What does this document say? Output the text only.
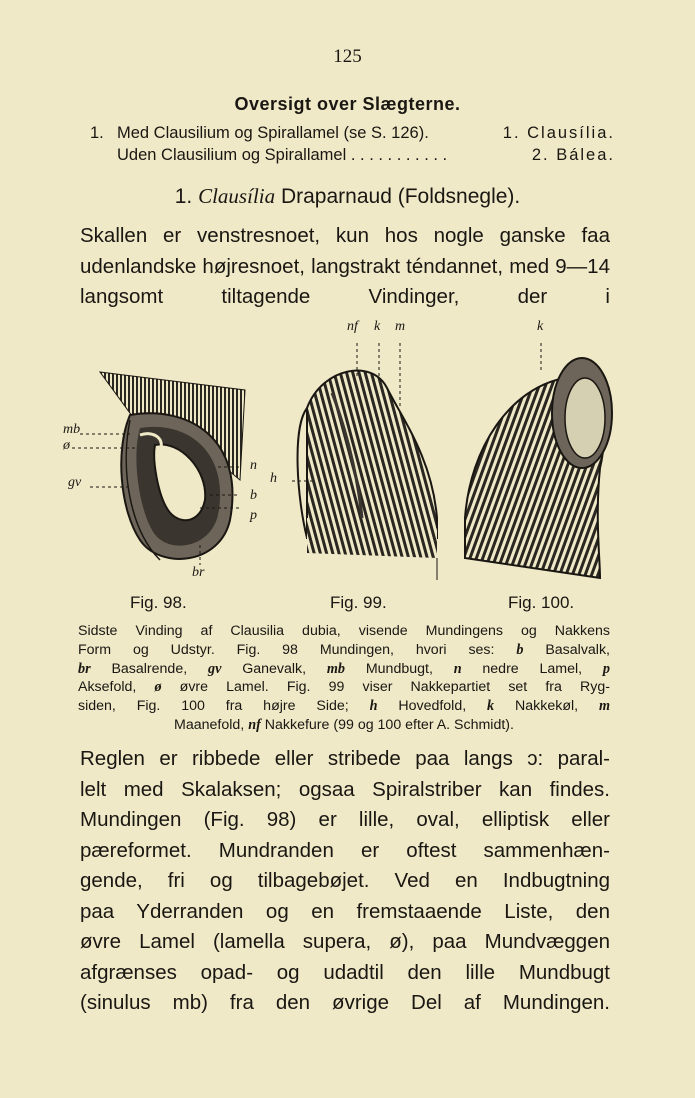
125
Oversigt over Slægterne.
1. Med Clausilium og Spirallamel (se S. 126).	1. Clausília.
Uden Clausilium og Spirallamel . . . . . . . . . . .	2. Bálea.
1. Clausília Draparnaud (Foldsnegle).

Skallen er venstresnoet, kun hos nogle ganske faa udenlandske højresnoet, langstrakt téndannet, med 9—14 langsomt tiltagende Vindinger, der i

mb
ø
gv
n
b
p
br
Fig. 98.
nf k m
h
Fig. 99.
k
Fig. 100.
Sidste Vinding af Clausilia dubia, visende Mundingens og Nakkens
Form og Udstyr. Fig. 98 Mundingen, hvori ses: b Basalvalk,
br Basalrende, gv Ganevalk, mb Mundbugt, n nedre Lamel, p
Aksefold, ø øvre Lamel. Fig. 99 viser Nakkepartiet set fra Ryg-
siden, Fig. 100 fra højre Side; h Hovedfold, k Nakkekøl, m
Maanefold, nf Nakkefure (99 og 100 efter A. Schmidt).
Reglen er ribbede eller stribede paa langs ɔ: paral-
lelt med Skalaksen; ogsaa Spiralstriber kan findes.
Mundingen (Fig. 98) er lille, oval, elliptisk eller
pæreformet. Mundranden er oftest sammenhæn-
gende, fri og tilbagebøjet. Ved en Indbugtning
paa Yderranden og en fremstaaende Liste, den
øvre Lamel (lamella supera, ø), paa Mundvæggen
afgrænses opad- og udadtil den lille Mundbugt
(sinulus mb) fra den øvrige Del af Mundingen.
